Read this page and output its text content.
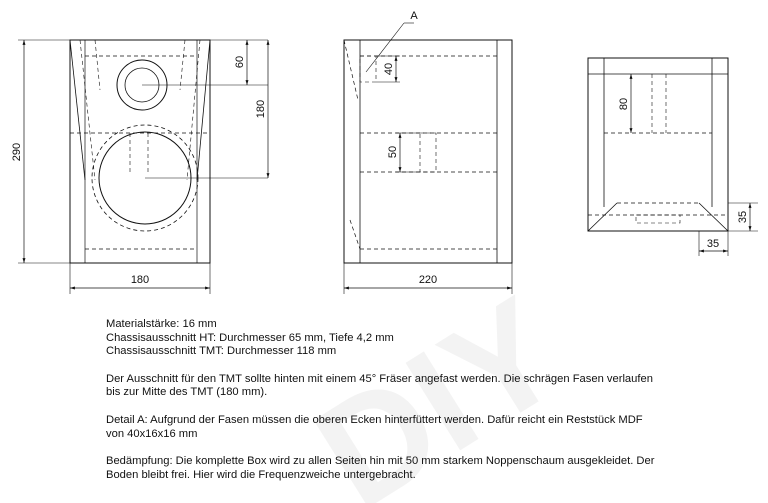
290
180
60
180
A
40
50
220
80
35
35

Materialstärke: 16 mm

Chassisausschnitt HT: Durchmesser 65 mm, Tiefe 4,2 mm

Chassisausschnitt TMT: Durchmesser 118 mm

Der Ausschnitt für den TMT sollte hinten mit einem 45° Fräser angefast werden. Die schrägen Fasen verlaufen

bis zur Mitte des TMT (180 mm).

Detail A: Aufgrund der Fasen müssen die oberen Ecken hinterfüttert werden. Dafür reicht ein Reststück MDF

von 40x16x16 mm

Bedämpfung: Die komplette Box wird zu allen Seiten hin mit 50 mm starkem Noppenschaum ausgekleidet. Der

Boden bleibt frei. Hier wird die Frequenzweiche untergebracht.
